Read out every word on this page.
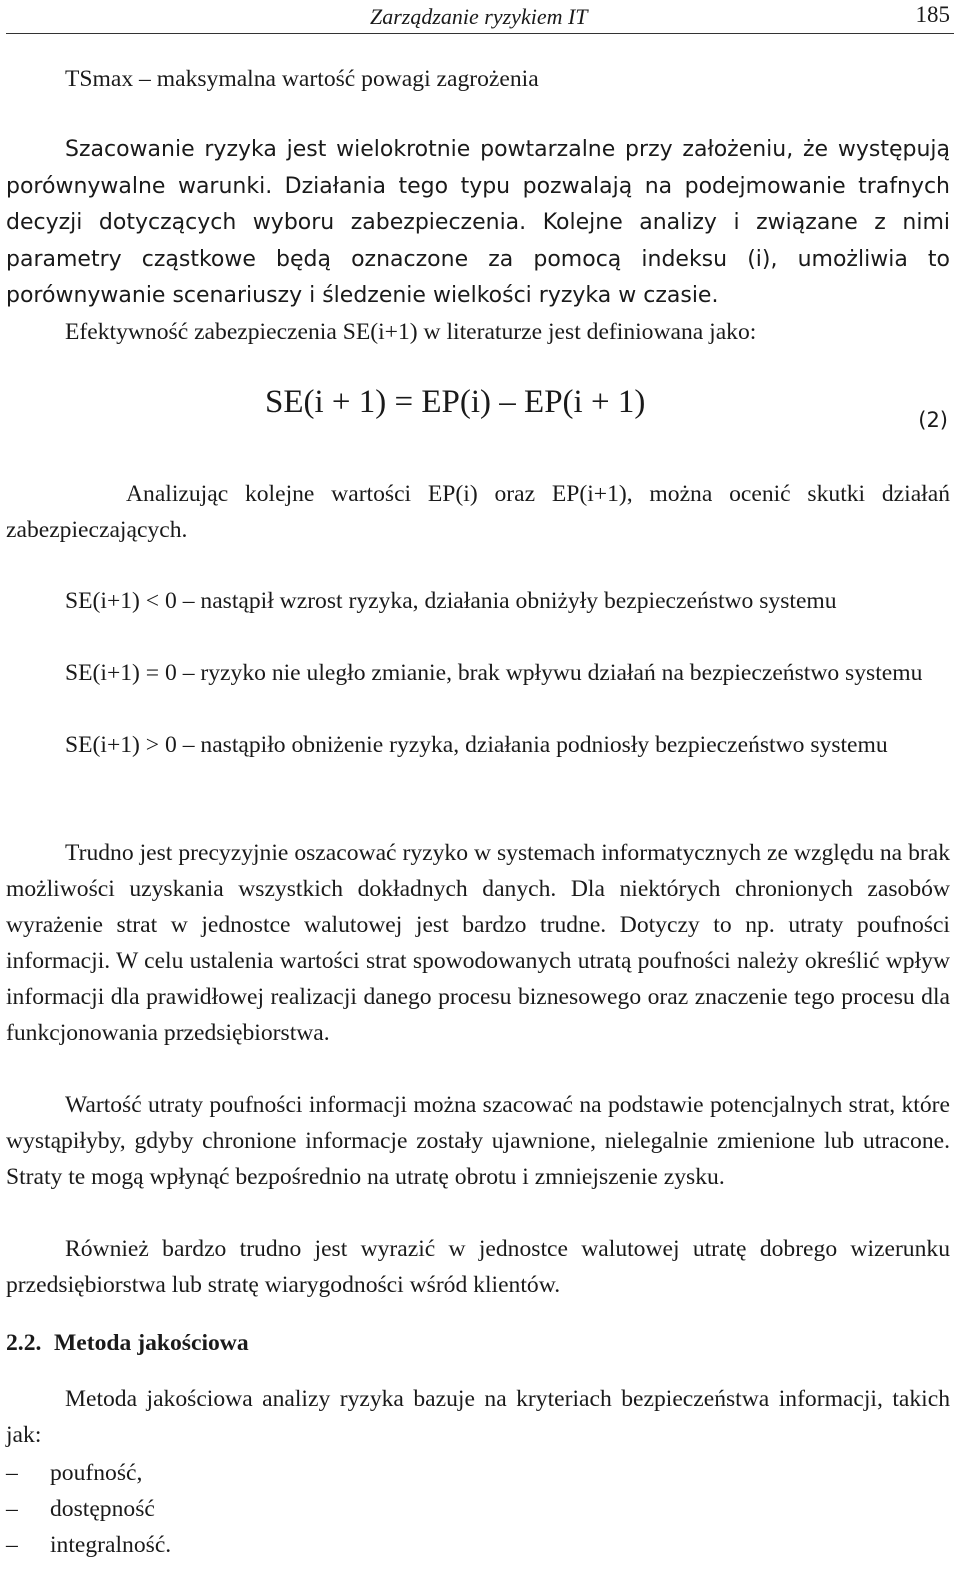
Zarządzanie ryzykiem IT	185

TSmax – maksymalna wartość powagi zagrożenia

Szacowanie ryzyka jest wielokrotnie powtarzalne przy założeniu, że występują porównywalne warunki. Działania tego typu pozwalają na podejmowanie trafnych decyzji dotyczących wyboru zabezpieczenia. Kolejne analizy i związane z nimi parametry cząstkowe będą oznaczone za pomocą indeksu (i), umożliwia to porównywanie scenariuszy i śledzenie wielkości ryzyka w czasie.

Efektywność zabezpieczenia SE(i+1) w literaturze jest definiowana jako:

SE(i + 1) = EP(i) – EP(i + 1)	(2)

Analizując kolejne wartości EP(i) oraz EP(i+1), można ocenić skutki działań zabezpieczających.

SE(i+1) < 0 – nastąpił wzrost ryzyka, działania obniżyły bezpieczeństwo systemu

SE(i+1) = 0 – ryzyko nie uległo zmianie, brak wpływu działań na bezpieczeństwo systemu

SE(i+1) > 0 – nastąpiło obniżenie ryzyka, działania podniosły bezpieczeństwo systemu

Trudno jest precyzyjnie oszacować ryzyko w systemach informatycznych ze względu na brak możliwości uzyskania wszystkich dokładnych danych. Dla niektórych chronionych zasobów wyrażenie strat w jednostce walutowej jest bardzo trudne. Dotyczy to np. utraty poufności informacji. W celu ustalenia wartości strat spowodowanych utratą poufności należy określić wpływ informacji dla prawidłowej realizacji danego procesu biznesowego oraz znaczenie tego procesu dla funkcjonowania przedsiębiorstwa.

Wartość utraty poufności informacji można szacować na podstawie potencjalnych strat, które wystąpiłyby, gdyby chronione informacje zostały ujawnione, nielegalnie zmienione lub utracone. Straty te mogą wpłynąć bezpośrednio na utratę obrotu i zmniejszenie zysku.

Również bardzo trudno jest wyrazić w jednostce walutowej utratę dobrego wizerunku przedsiębiorstwa lub stratę wiarygodności wśród klientów.

2.2. Metoda jakościowa

Metoda jakościowa analizy ryzyka bazuje na kryteriach bezpieczeństwa informacji, takich jak:

– poufność,
– dostępność
– integralność.
